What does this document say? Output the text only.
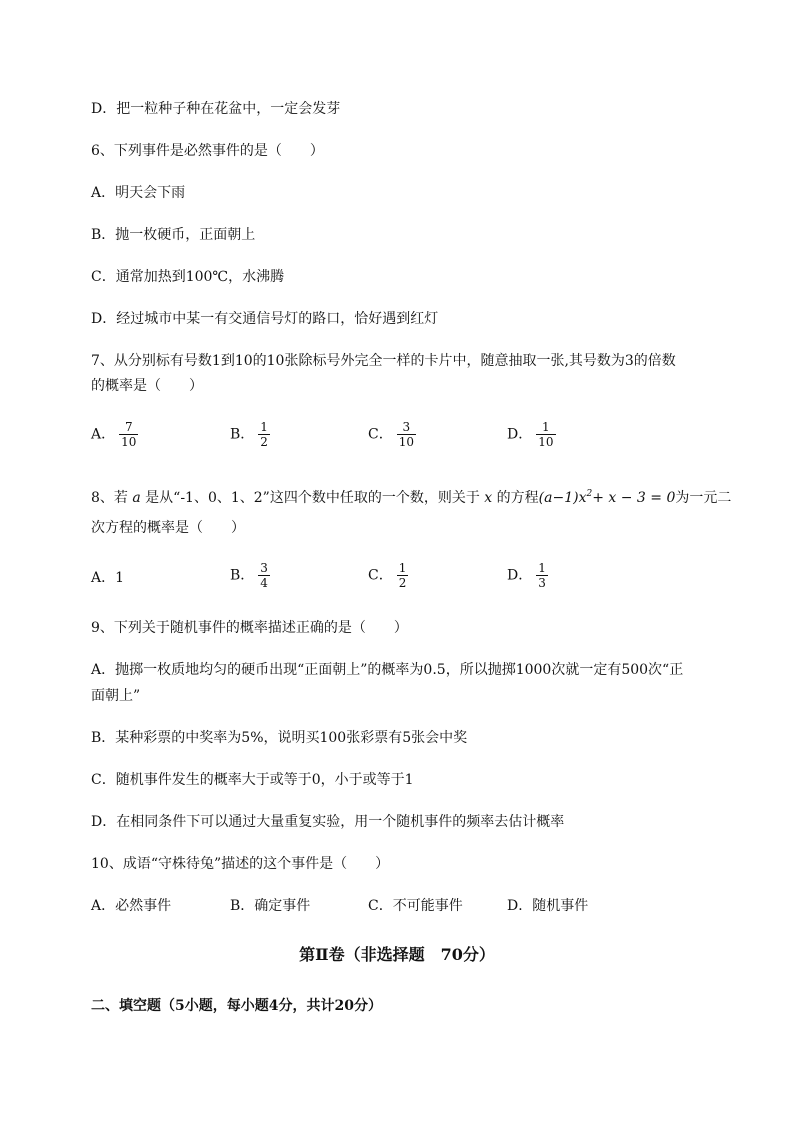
D．把一粒种子种在花盆中，一定会发芽
6、下列事件是必然事件的是（　　）
A．明天会下雨
B．抛一枚硬币，正面朝上
C．通常加热到100℃，水沸腾
D．经过城市中某一有交通信号灯的路口，恰好遇到红灯
7、从分别标有号数1到10的10张除标号外完全一样的卡片中，随意抽取一张,其号数为3的倍数
的概率是（　　）
A． $\frac{7}{10}$	B． $\frac{1}{2}$	C． $\frac{3}{10}$	D． $\frac{1}{10}$
8、若 a 是从“-1、0、1、2”这四个数中任取的一个数，则关于 x 的方程$(a-1)x^2+ x - 3 = 0$为一元二
次方程的概率是（　　）
A．1	B． $\frac{3}{4}$	C． $\frac{1}{2}$	D． $\frac{1}{3}$
9、下列关于随机事件的概率描述正确的是（　　）
A．抛掷一枚质地均匀的硬币出现“正面朝上”的概率为0.5，所以抛掷1000次就一定有500次“正
面朝上”
B．某种彩票的中奖率为5%，说明买100张彩票有5张会中奖
C．随机事件发生的概率大于或等于0，小于或等于1
D．在相同条件下可以通过大量重复实验，用一个随机事件的频率去估计概率
10、成语“守株待兔”描述的这个事件是（　　）
A．必然事件	B．确定事件	C．不可能事件	D．随机事件
第Ⅱ卷（非选择题　70分）
二、填空题（5小题，每小题4分，共计20分）
